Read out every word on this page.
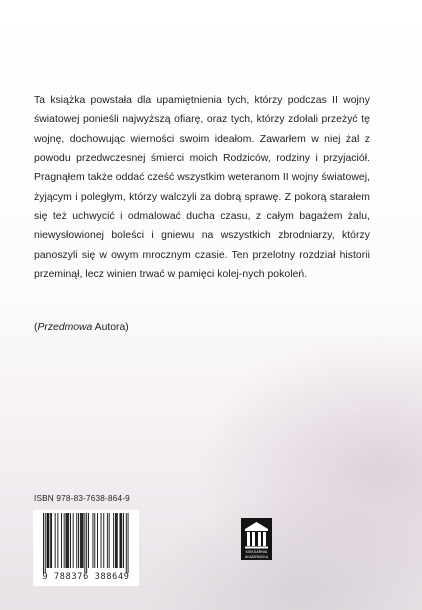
Ta książka powstała dla upamiętnienia tych, którzy podczas II wojny światowej ponieśli najwyższą ofiarę, oraz tych, którzy zdołali przeżyć tę wojnę, dochowując wierności swoim ideałom. Zawarłem w niej żal z powodu przedwczesnej śmierci moich Rodziców, rodziny i przyjaciół. Pragnąłem także oddać cześć wszystkim weteranom II wojny światowej, żyjącym i poległym, którzy walczyli za dobrą sprawę. Z pokorą starałem się też uchwycić i odmalować ducha czasu, z całym bagażem żalu, niewysłowionej boleści i gniewu na wszystkich zbrodniarzy, którzy panoszyli się w owym mrocznym czasie. Ten przelotny rozdział historii przeminął, lecz winien trwać w pamięci kolej-nych pokoleń.

(Przedmowa Autora)
ISBN 978-83-7638-864-9
9 788376 388649
KSIĘGARNIA
AKADEMICKA
